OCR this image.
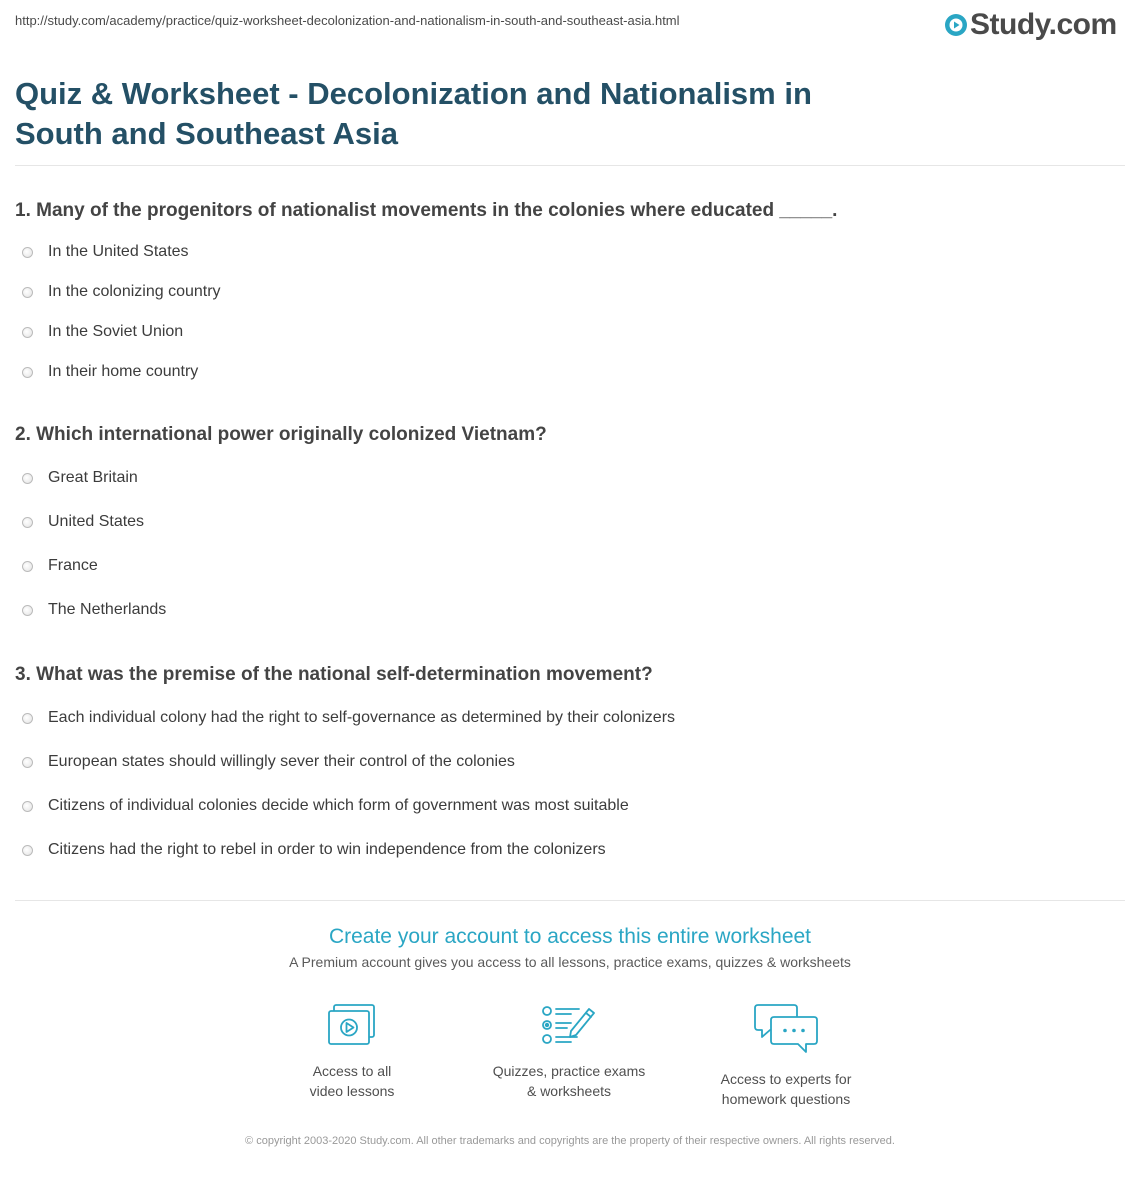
http://study.com/academy/practice/quiz-worksheet-decolonization-and-nationalism-in-south-and-southeast-asia.html	Study.com
Quiz & Worksheet - Decolonization and Nationalism in South and Southeast Asia
1. Many of the progenitors of nationalist movements in the colonies where educated _____.
In the United States
In the colonizing country
In the Soviet Union
In their home country
2. Which international power originally colonized Vietnam?
Great Britain
United States
France
The Netherlands
3. What was the premise of the national self-determination movement?
Each individual colony had the right to self-governance as determined by their colonizers
European states should willingly sever their control of the colonies
Citizens of individual colonies decide which form of government was most suitable
Citizens had the right to rebel in order to win independence from the colonizers
Create your account to access this entire worksheet
A Premium account gives you access to all lessons, practice exams, quizzes & worksheets
Access to all
video lessons
Quizzes, practice exams
& worksheets
Access to experts for
homework questions
© copyright 2003-2020 Study.com. All other trademarks and copyrights are the property of their respective owners. All rights reserved.
